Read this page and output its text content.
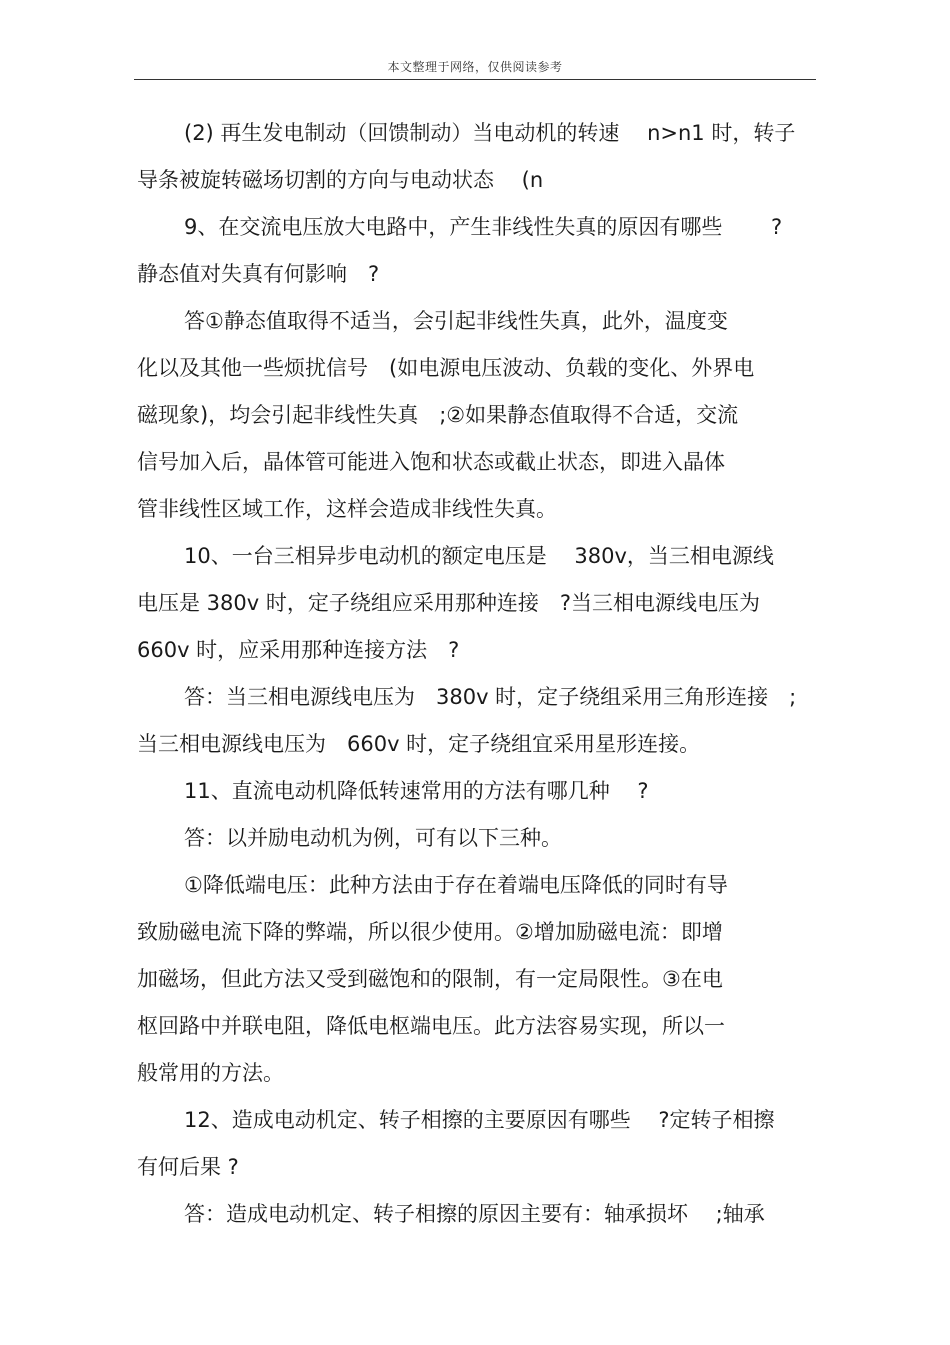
本文整理于网络，仅供阅读参考
(2) 再生发电制动（回馈制动）当电动机的转速　 n>n1 时，转子
导条被旋转磁场切割的方向与电动状态　 (n
9、在交流电压放大电路中，产生非线性失真的原因有哪些　　 ?
静态值对失真有何影响　?
答①静态值取得不适当，会引起非线性失真，此外，温度变
化以及其他一些烦扰信号　(如电源电压波动、负载的变化、外界电
磁现象)，均会引起非线性失真　;②如果静态值取得不合适，交流
信号加入后，晶体管可能进入饱和状态或截止状态，即进入晶体
管非线性区域工作，这样会造成非线性失真。
10、一台三相异步电动机的额定电压是　 380v，当三相电源线
电压是 380v 时，定子绕组应采用那种连接　?当三相电源线电压为
660v 时，应采用那种连接方法　?
答：当三相电源线电压为　380v 时，定子绕组采用三角形连接　;
当三相电源线电压为　660v 时，定子绕组宜采用星形连接。
11、直流电动机降低转速常用的方法有哪几种　 ?
答：以并励电动机为例，可有以下三种。
①降低端电压：此种方法由于存在着端电压降低的同时有导
致励磁电流下降的弊端，所以很少使用。②增加励磁电流：即增
加磁场，但此方法又受到磁饱和的限制，有一定局限性。③在电
枢回路中并联电阻，降低电枢端电压。此方法容易实现，所以一
般常用的方法。
12、造成电动机定、转子相擦的主要原因有哪些　 ?定转子相擦
有何后果 ?
答：造成电动机定、转子相擦的原因主要有：轴承损坏　 ;轴承
